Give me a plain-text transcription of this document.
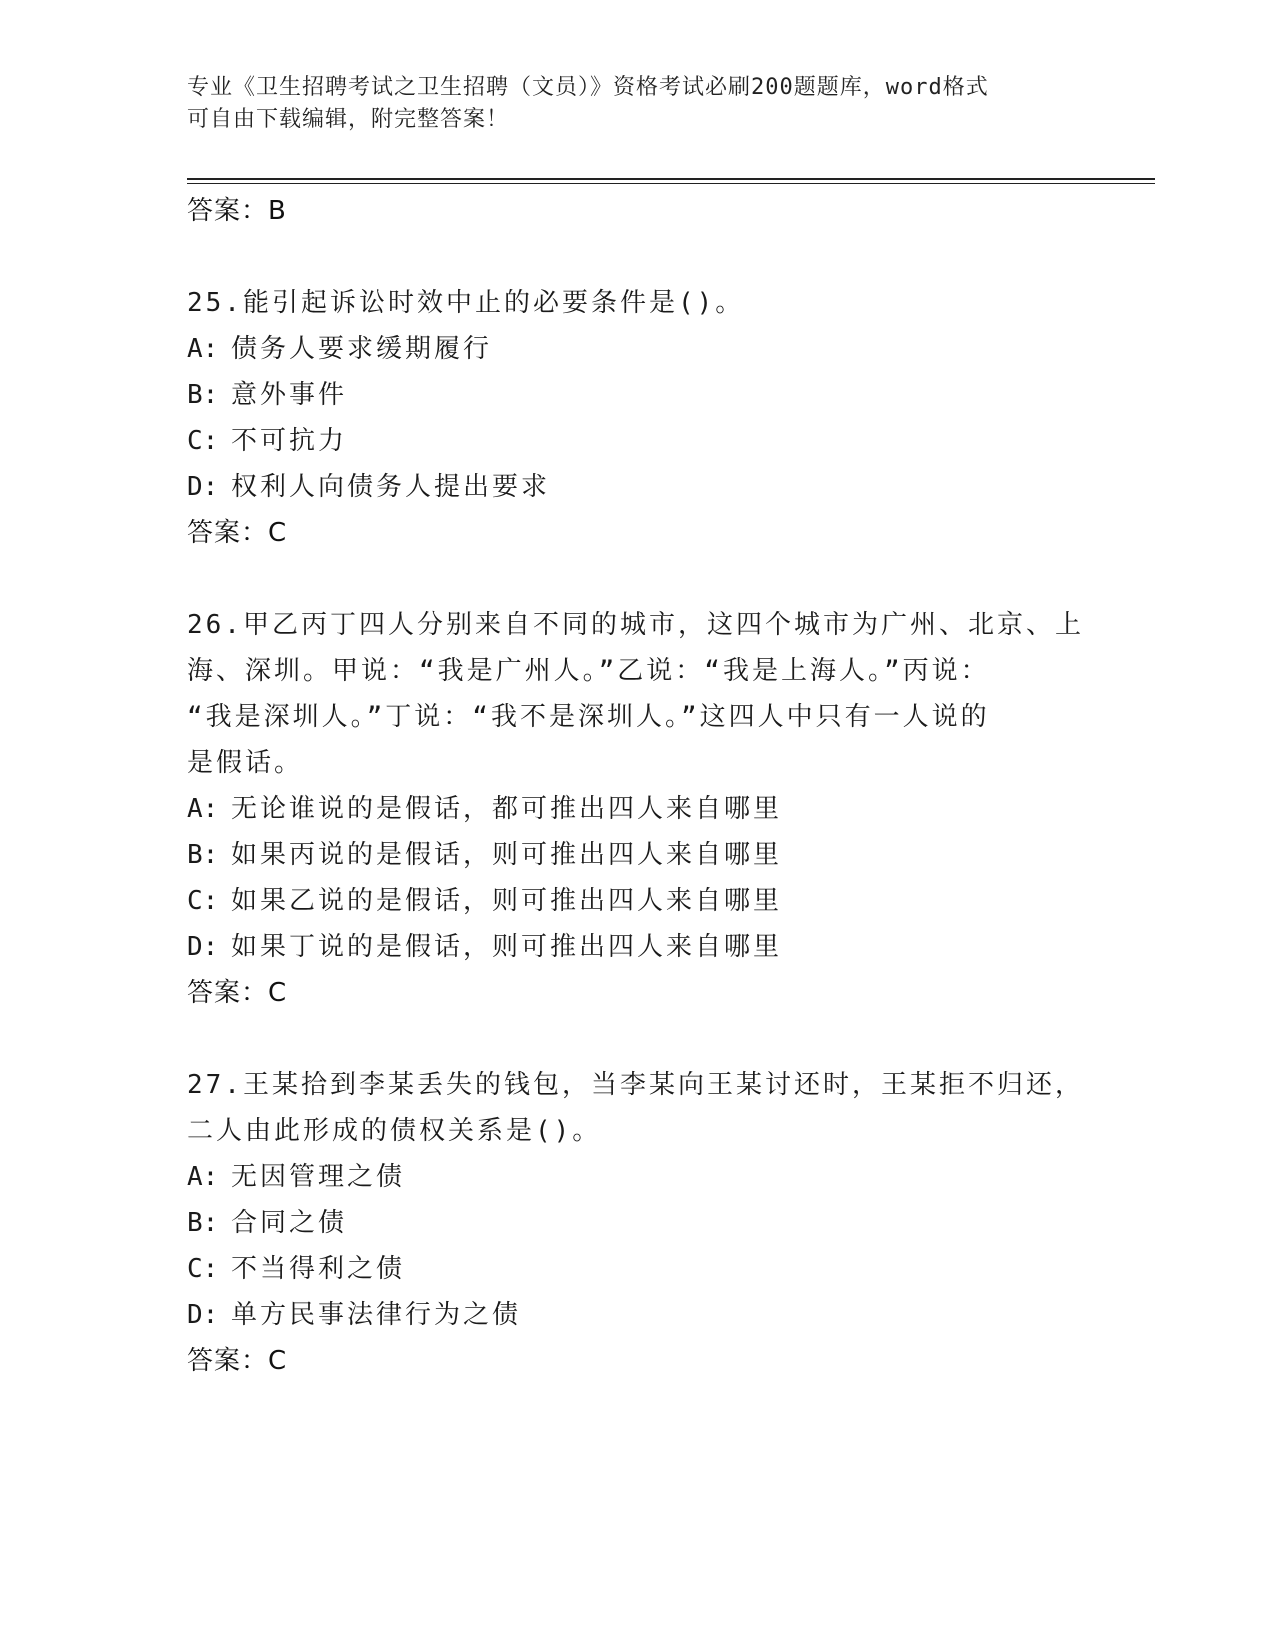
专业《卫生招聘考试之卫生招聘（文员）》资格考试必刷200题题库，word格式
可自由下载编辑，附完整答案！

答案：B

25.能引起诉讼时效中止的必要条件是()。

A: 债务人要求缓期履行

B: 意外事件

C: 不可抗力

D: 权利人向债务人提出要求

答案：C

26.甲乙丙丁四人分别来自不同的城市，这四个城市为广州、北京、上

海、深圳。甲说：“我是广州人。”乙说：“我是上海人。”丙说：

“我是深圳人。”丁说：“我不是深圳人。”这四人中只有一人说的

是假话。

A: 无论谁说的是假话，都可推出四人来自哪里

B: 如果丙说的是假话，则可推出四人来自哪里

C: 如果乙说的是假话，则可推出四人来自哪里

D: 如果丁说的是假话，则可推出四人来自哪里

答案：C

27.王某拾到李某丢失的钱包，当李某向王某讨还时，王某拒不归还，

二人由此形成的债权关系是()。

A: 无因管理之债

B: 合同之债

C: 不当得利之债

D: 单方民事法律行为之债

答案：C
